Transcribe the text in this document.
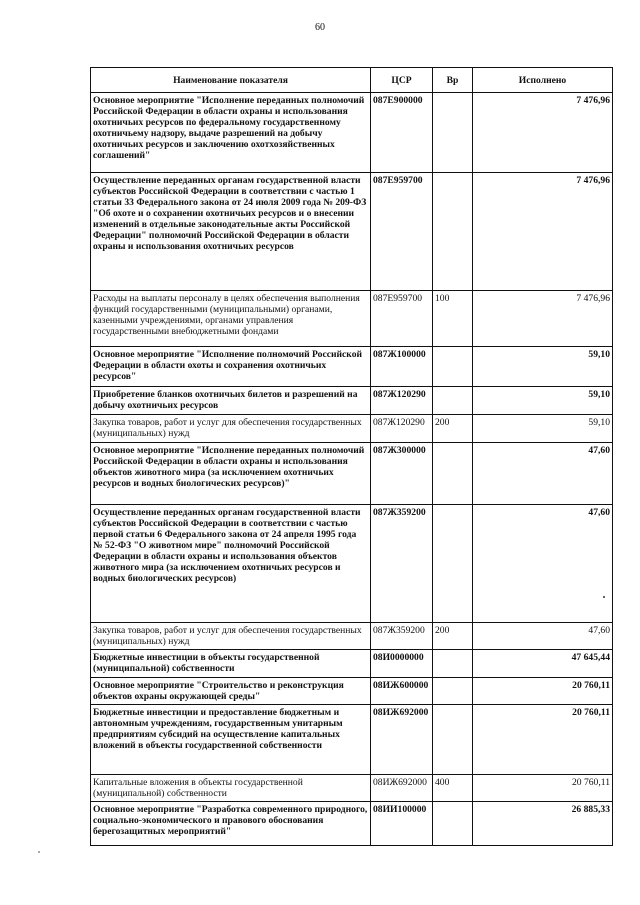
60
Наименование показателя	ЦСР	Вр	Исполнено
Основное мероприятие "Исполнение переданных полномочий Российской Федерации в области охраны и использования охотничьих ресурсов по федеральному государственному охотничьему надзору, выдаче разрешений на добычу охотничьих ресурсов и заключению охотхозяйственных соглашений"	087Е900000		7 476,96
Осуществление переданных органам государственной власти субъектов Российской Федерации в соответствии с частью 1 статьи 33 Федерального закона от 24 июля 2009 года № 209-ФЗ "Об охоте и о сохранении охотничьих ресурсов и о внесении изменений в отдельные законодательные акты Российской Федерации" полномочий Российской Федерации в области охраны и использования охотничьих ресурсов	087Е959700		7 476,96
Расходы на выплаты персоналу в целях обеспечения выполнения функций государственными (муниципальными) органами, казенными учреждениями, органами управления государственными внебюджетными фондами	087Е959700	100	7 476,96
Основное мероприятие "Исполнение полномочий Российской Федерации в области охоты и сохранения охотничьих ресурсов"	087Ж100000		59,10
Приобретение бланков охотничьих билетов и разрешений на добычу охотничьих ресурсов	087Ж120290		59,10
Закупка товаров, работ и услуг для обеспечения государственных (муниципальных) нужд	087Ж120290	200	59,10
Основное мероприятие "Исполнение переданных полномочий Российской Федерации в области охраны и использования объектов животного мира (за исключением охотничьих ресурсов и водных биологических ресурсов)"	087Ж300000		47,60
Осуществление переданных органам государственной власти субъектов Российской Федерации в соответствии с частью первой статьи 6 Федерального закона от 24 апреля 1995 года № 52-ФЗ "О животном мире" полномочий Российской Федерации в области охраны и использования объектов животного мира (за исключением охотничьих ресурсов и водных биологических ресурсов)	087Ж359200		47,60
Закупка товаров, работ и услуг для обеспечения государственных (муниципальных) нужд	087Ж359200	200	47,60
Бюджетные инвестиции в объекты государственной (муниципальной) собственности	08И0000000		47 645,44
Основное мероприятие "Строительство и реконструкция объектов охраны окружающей среды"	08ИЖ600000		20 760,11
Бюджетные инвестиции и предоставление бюджетным и автономным учреждениям, государственным унитарным предприятиям субсидий на осуществление капитальных вложений в объекты государственной собственности	08ИЖ692000		20 760,11
Капитальные вложения в объекты государственной (муниципальной) собственности	08ИЖ692000	400	20 760,11
Основное мероприятие "Разработка современного природного, социально-экономического и правового обоснования берегозащитных мероприятий"	08ИИ100000		26 885,33
